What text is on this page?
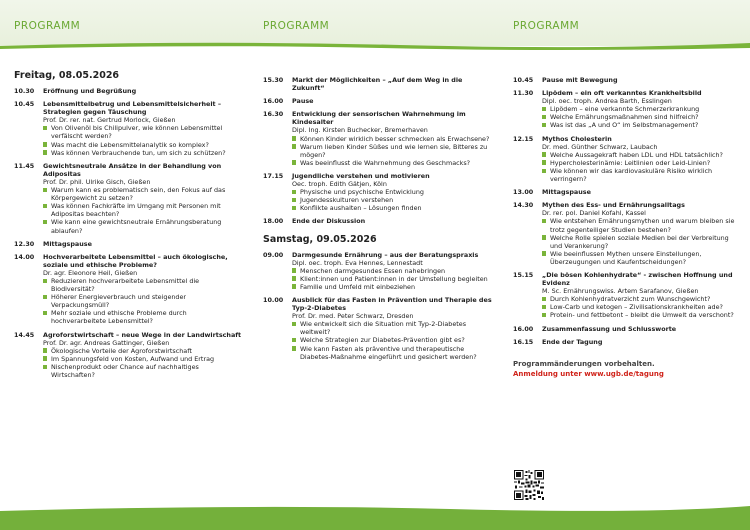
PROGRAMM	PROGRAMM	PROGRAMM
Freitag, 08.05.2026
10.30	Eröffnung und Begrüßung
10.45	Lebensmittelbetrug und Lebensmittelsicherheit – Strategien gegen Täuschung
Prof. Dr. rer. nat. Gertrud Morlock, Gießen
Von Olivenöl bis Chilipulver, wie können Lebensmittel verfälscht werden?
Was macht die Lebensmittelanalytik so komplex?
Was können Verbrauchende tun, um sich zu schützen?
11.45	Gewichtsneutrale Ansätze in der Behandlung von Adipositas
Prof. Dr. phil. Ulrike Gisch, Gießen
Warum kann es problematisch sein, den Fokus auf das Körpergewicht zu setzen?
Was können Fachkräfte im Umgang mit Personen mit Adipositas beachten?
Wie kann eine gewichtsneutrale Ernährungsberatung ablaufen?
12.30	Mittagspause
14.00	Hochverarbeitete Lebensmittel – auch ökologische, soziale und ethische Probleme?
Dr. agr. Eleonore Heil, Gießen
Reduzieren hochverarbeitete Lebensmittel die Biodiversität?
Höherer Energieverbrauch und steigender Verpackungsmüll?
Mehr soziale und ethische Probleme durch hochverarbeitete Lebensmittel?
14.45	Agroforstwirtschaft – neue Wege in der Landwirtschaft
Prof. Dr. agr. Andreas Gattinger, Gießen
Ökologische Vorteile der Agroforstwirtschaft
Im Spannungsfeld von Kosten, Aufwand und Ertrag
Nischenprodukt oder Chance auf nachhaltiges Wirtschaften?
15.30	Markt der Möglichkeiten – „Auf dem Weg in die Zukunft“
16.00	Pause
16.30	Entwicklung der sensorischen Wahrnehmung im Kindesalter
Dipl. Ing. Kirsten Buchecker, Bremerhaven
Können Kinder wirklich besser schmecken als Erwachsene?
Warum lieben Kinder Süßes und wie lernen sie, Bitteres zu mögen?
Was beeinflusst die Wahrnehmung des Geschmacks?
17.15	Jugendliche verstehen und motivieren
Oec. troph. Edith Gätjen, Köln
Physische und psychische Entwicklung
Jugendesskulturen verstehen
Konflikte aushalten – Lösungen finden
18.00	Ende der Diskussion
Samstag, 09.05.2026
09.00	Darmgesunde Ernährung – aus der Beratungspraxis
Dipl. oec. troph. Eva Hennes, Lennestadt
Menschen darmgesundes Essen nahebringen
Klient:innen und Patient:innen in der Umstellung begleiten
Familie und Umfeld mit einbeziehen
10.00	Ausblick für das Fasten in Prävention und Therapie des Typ-2-Diabetes
Prof. Dr. med. Peter Schwarz, Dresden
Wie entwickelt sich die Situation mit Typ-2-Diabetes weltweit?
Welche Strategien zur Diabetes-Prävention gibt es?
Wie kann Fasten als präventive und therapeutische Diabetes-Maßnahme eingeführt und gesichert werden?
10.45	Pause mit Bewegung
11.30	Lipödem – ein oft verkanntes Krankheitsbild
Dipl. oec. troph. Andrea Barth, Esslingen
Lipödem – eine verkannte Schmerzerkrankung
Welche Ernährungsmaßnahmen sind hilfreich?
Was ist das „A und O“ im Selbstmanagement?
12.15	Mythos Cholesterin
Dr. med. Günther Schwarz, Laubach
Welche Aussagekraft haben LDL und HDL tatsächlich?
Hypercholesterinämie: Leitlinien oder Leid-Linien?
Wie können wir das kardiovaskuläre Risiko wirklich verringern?
13.00	Mittagspause
14.30	Mythen des Ess- und Ernährungsalltags
Dr. rer. pol. Daniel Kofahl, Kassel
Wie entstehen Ernährungsmythen und warum bleiben sie trotz gegenteiliger Studien bestehen?
Welche Rolle spielen soziale Medien bei der Verbreitung und Verankerung?
Wie beeinflussen Mythen unsere Einstellungen, Überzeugungen und Kaufentscheidungen?
15.15	„Die bösen Kohlenhydrate“ - zwischen Hoffnung und Evidenz
M. Sc. Ernährungswiss. Artem Sarafanov, Gießen
Durch Kohlenhydratverzicht zum Wunschgewicht?
Low-Carb und ketogen – Zivilisationskrankheiten ade?
Protein- und fettbetont – bleibt die Umwelt da verschont?
16.00	Zusammenfassung und Schlussworte
16.15	Ende der Tagung
Programmänderungen vorbehalten.
Anmeldung unter www.ugb.de/tagung
